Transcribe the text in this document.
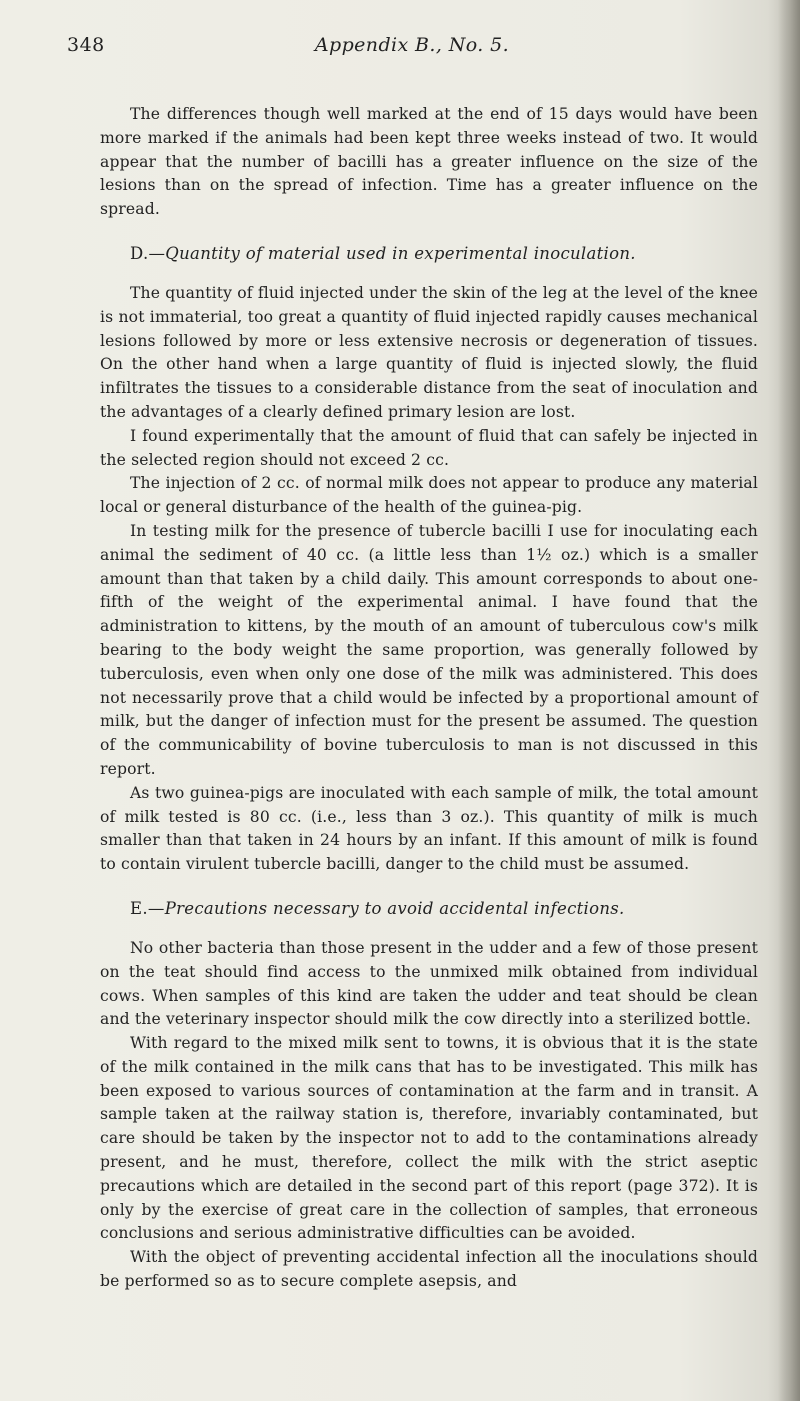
348	Appendix B., No. 5.

The differences though well marked at the end of 15 days would have been more marked if the animals had been kept three weeks instead of two. It would appear that the number of bacilli has a greater influence on the size of the lesions than on the spread of infection. Time has a greater influence on the spread.

D.—Quantity of material used in experimental inoculation.

The quantity of fluid injected under the skin of the leg at the level of the knee is not immaterial, too great a quantity of fluid injected rapidly causes mechanical lesions followed by more or less extensive necrosis or degeneration of tissues. On the other hand when a large quantity of fluid is injected slowly, the fluid infiltrates the tissues to a considerable distance from the seat of inoculation and the advantages of a clearly defined primary lesion are lost.

I found experimentally that the amount of fluid that can safely be injected in the selected region should not exceed 2 cc.

The injection of 2 cc. of normal milk does not appear to produce any material local or general disturbance of the health of the guinea-pig.

In testing milk for the presence of tubercle bacilli I use for inoculating each animal the sediment of 40 cc. (a little less than 1½ oz.) which is a smaller amount than that taken by a child daily. This amount corresponds to about one-fifth of the weight of the experimental animal. I have found that the administration to kittens, by the mouth of an amount of tuberculous cow's milk bearing to the body weight the same proportion, was generally followed by tuberculosis, even when only one dose of the milk was administered. This does not necessarily prove that a child would be infected by a proportional amount of milk, but the danger of infection must for the present be assumed. The question of the communicability of bovine tuberculosis to man is not discussed in this report.

As two guinea-pigs are inoculated with each sample of milk, the total amount of milk tested is 80 cc. (i.e., less than 3 oz.). This quantity of milk is much smaller than that taken in 24 hours by an infant. If this amount of milk is found to contain virulent tubercle bacilli, danger to the child must be assumed.

E.—Precautions necessary to avoid accidental infections.

No other bacteria than those present in the udder and a few of those present on the teat should find access to the unmixed milk obtained from individual cows. When samples of this kind are taken the udder and teat should be clean and the veterinary inspector should milk the cow directly into a sterilized bottle.

With regard to the mixed milk sent to towns, it is obvious that it is the state of the milk contained in the milk cans that has to be investigated. This milk has been exposed to various sources of contamination at the farm and in transit. A sample taken at the railway station is, therefore, invariably contaminated, but care should be taken by the inspector not to add to the contaminations already present, and he must, therefore, collect the milk with the strict aseptic precautions which are detailed in the second part of this report (page 372). It is only by the exercise of great care in the collection of samples, that erroneous conclusions and serious administrative difficulties can be avoided.

With the object of preventing accidental infection all the inoculations should be performed so as to secure complete asepsis, and
